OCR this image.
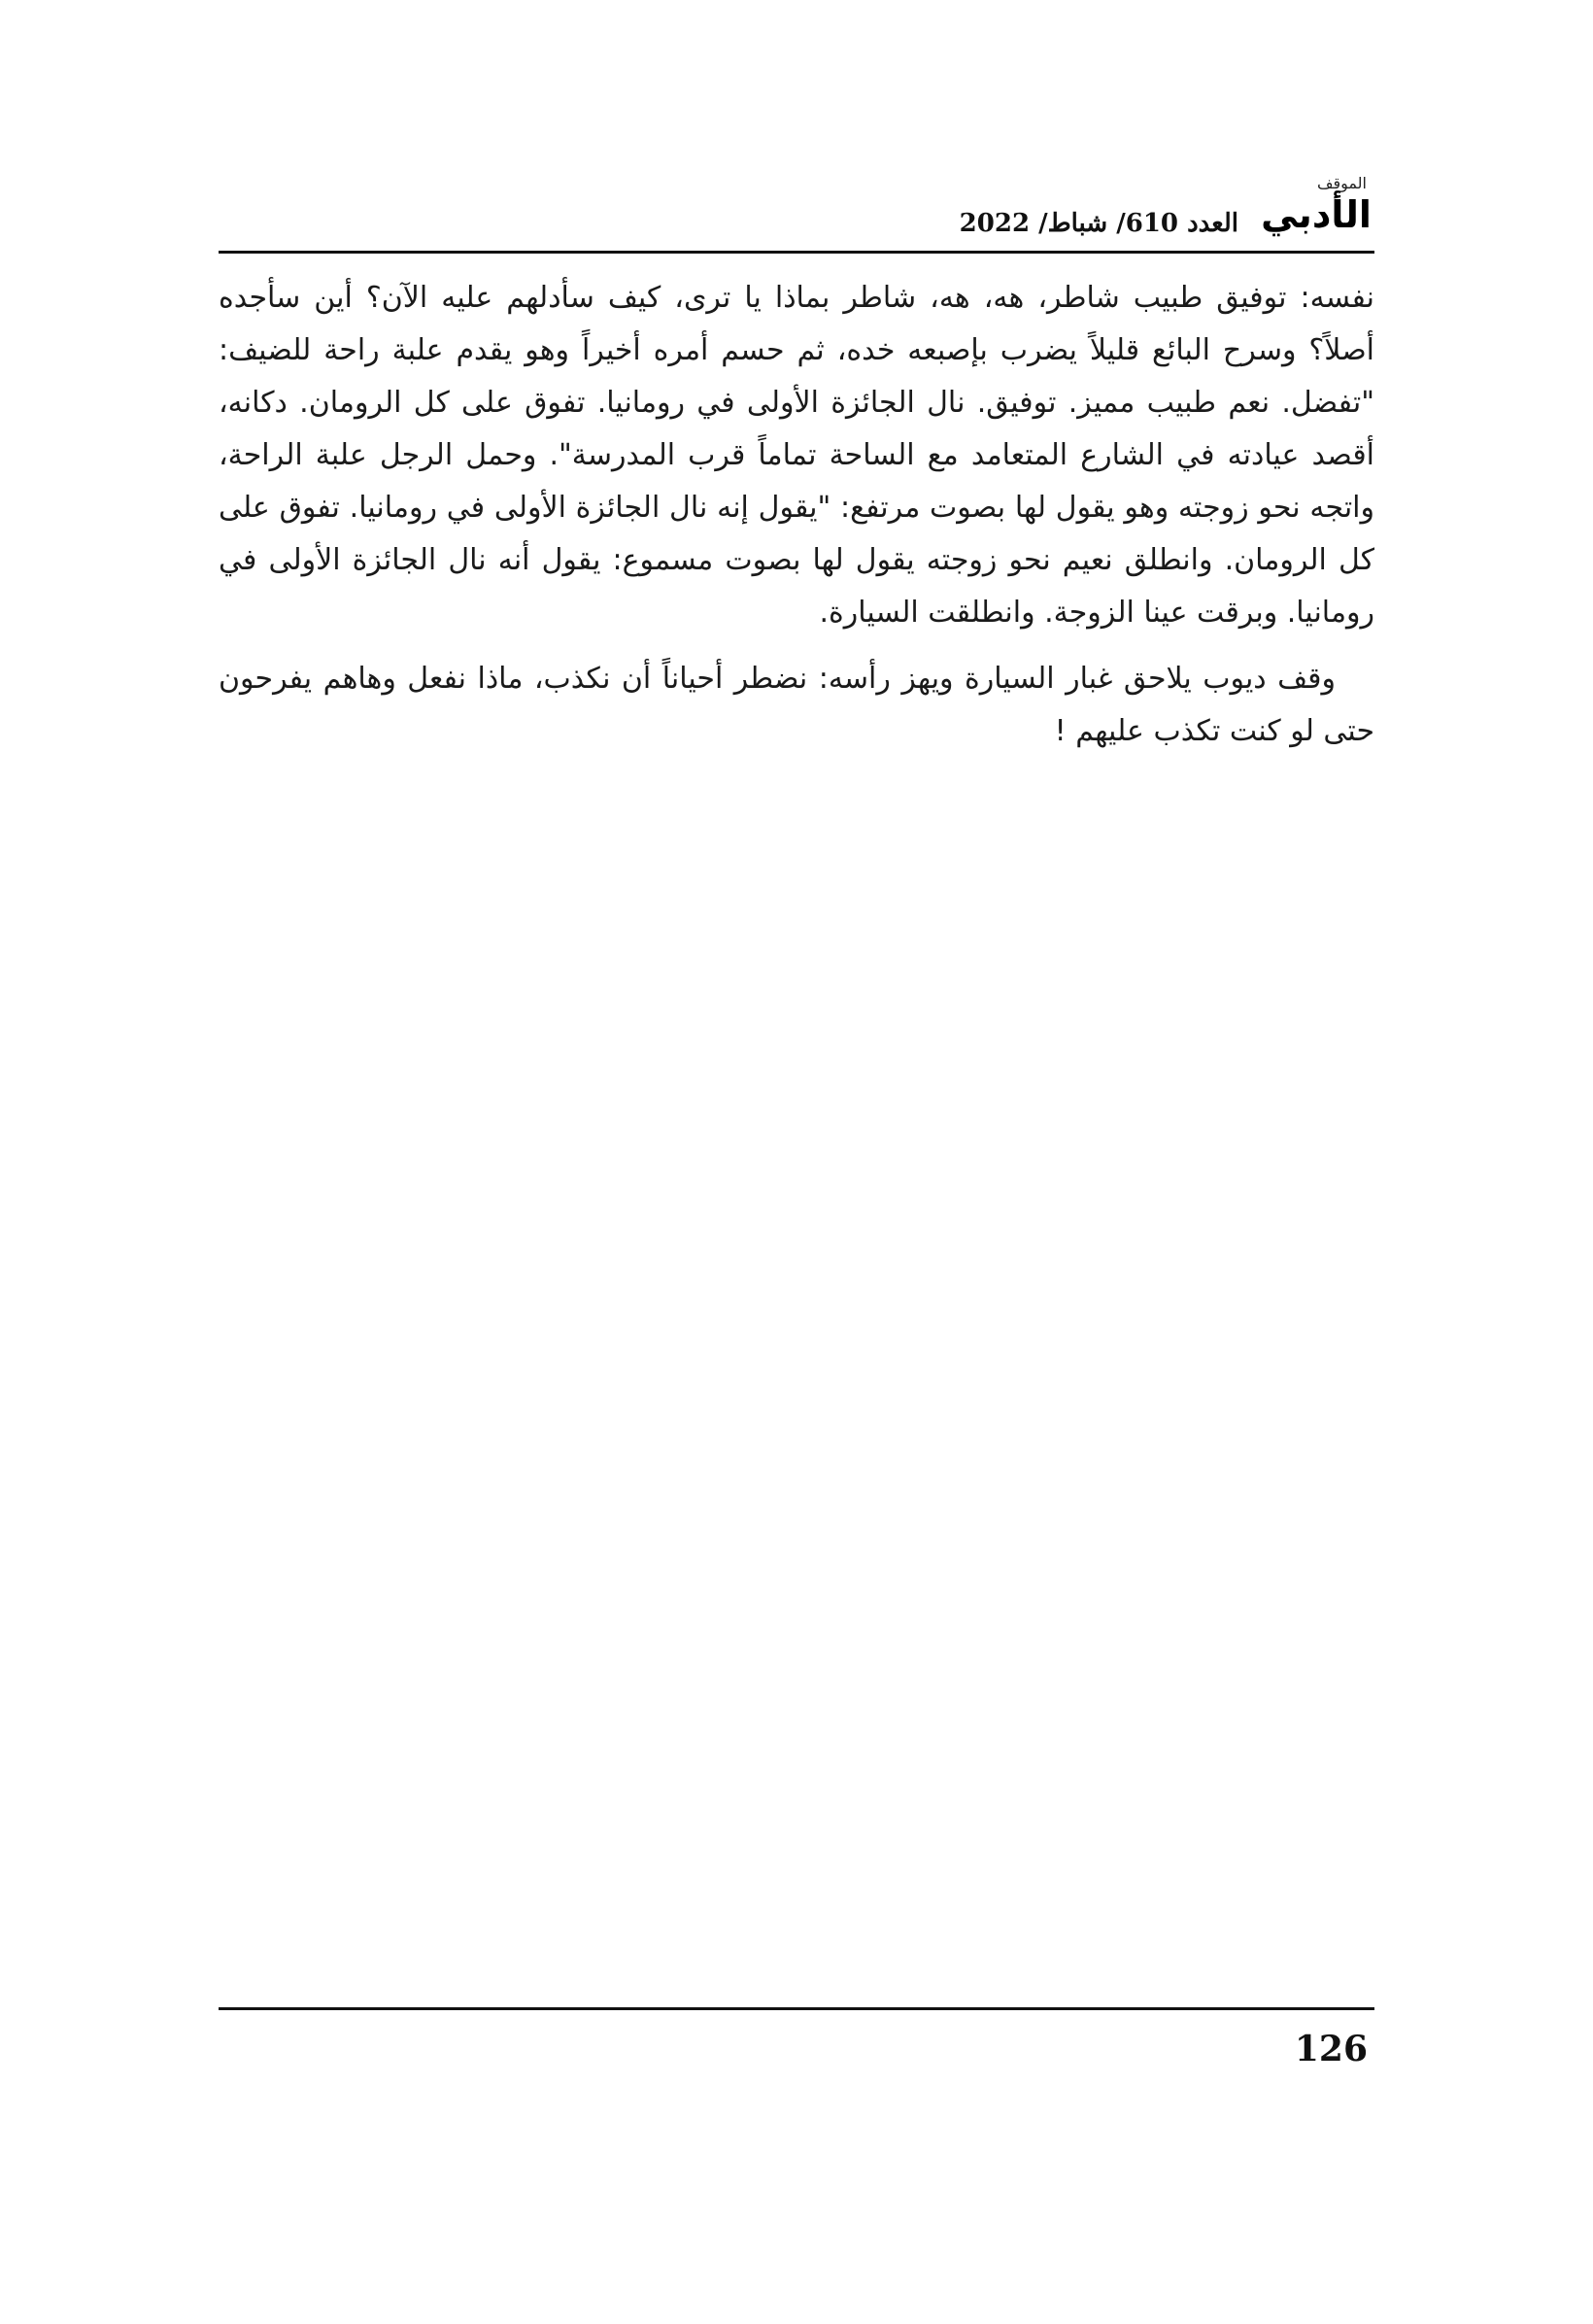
الموقف
الأدبي
العدد 610/ شباط/ 2022

نفسه: توفيق طبيب شاطر، هه، هه، شاطر بماذا يا ترى، كيف سأدلهم عليه الآن؟ أين سأجده أصلاً؟ وسرح البائع قليلاً يضرب بإصبعه خده، ثم حسم أمره أخيراً وهو يقدم علبة راحة للضيف: "تفضل. نعم طبيب مميز. توفيق. نال الجائزة الأولى في رومانيا. تفوق على كل الرومان. دكانه، أقصد عيادته في الشارع المتعامد مع الساحة تماماً قرب المدرسة". وحمل الرجل علبة الراحة، واتجه نحو زوجته وهو يقول لها بصوت مرتفع: "يقول إنه نال الجائزة الأولى في رومانيا. تفوق على كل الرومان. وانطلق نعيم نحو زوجته يقول لها بصوت مسموع: يقول أنه نال الجائزة الأولى في رومانيا. وبرقت عينا الزوجة. وانطلقت السيارة.

وقف ديوب يلاحق غبار السيارة ويهز رأسه: نضطر أحياناً أن نكذب، ماذا نفعل وهاهم يفرحون حتى لو كنت تكذب عليهم !

126
